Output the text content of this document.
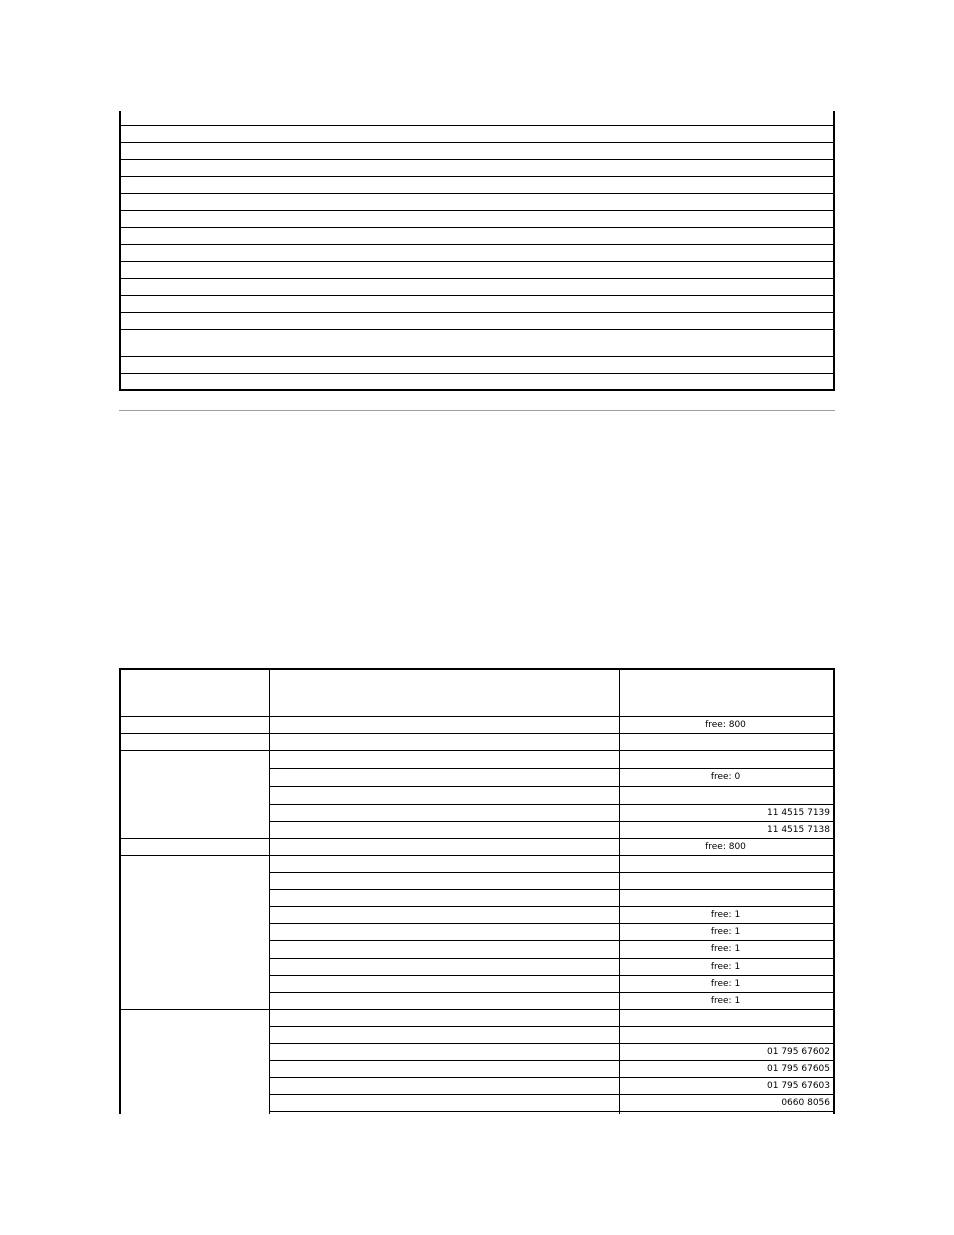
free: 800
free: 0
11 4515 7139
11 4515 7138
free: 800
free: 1
free: 1
free: 1
free: 1
free: 1
free: 1
01 795 67602
01 795 67605
01 795 67603
0660 8056
